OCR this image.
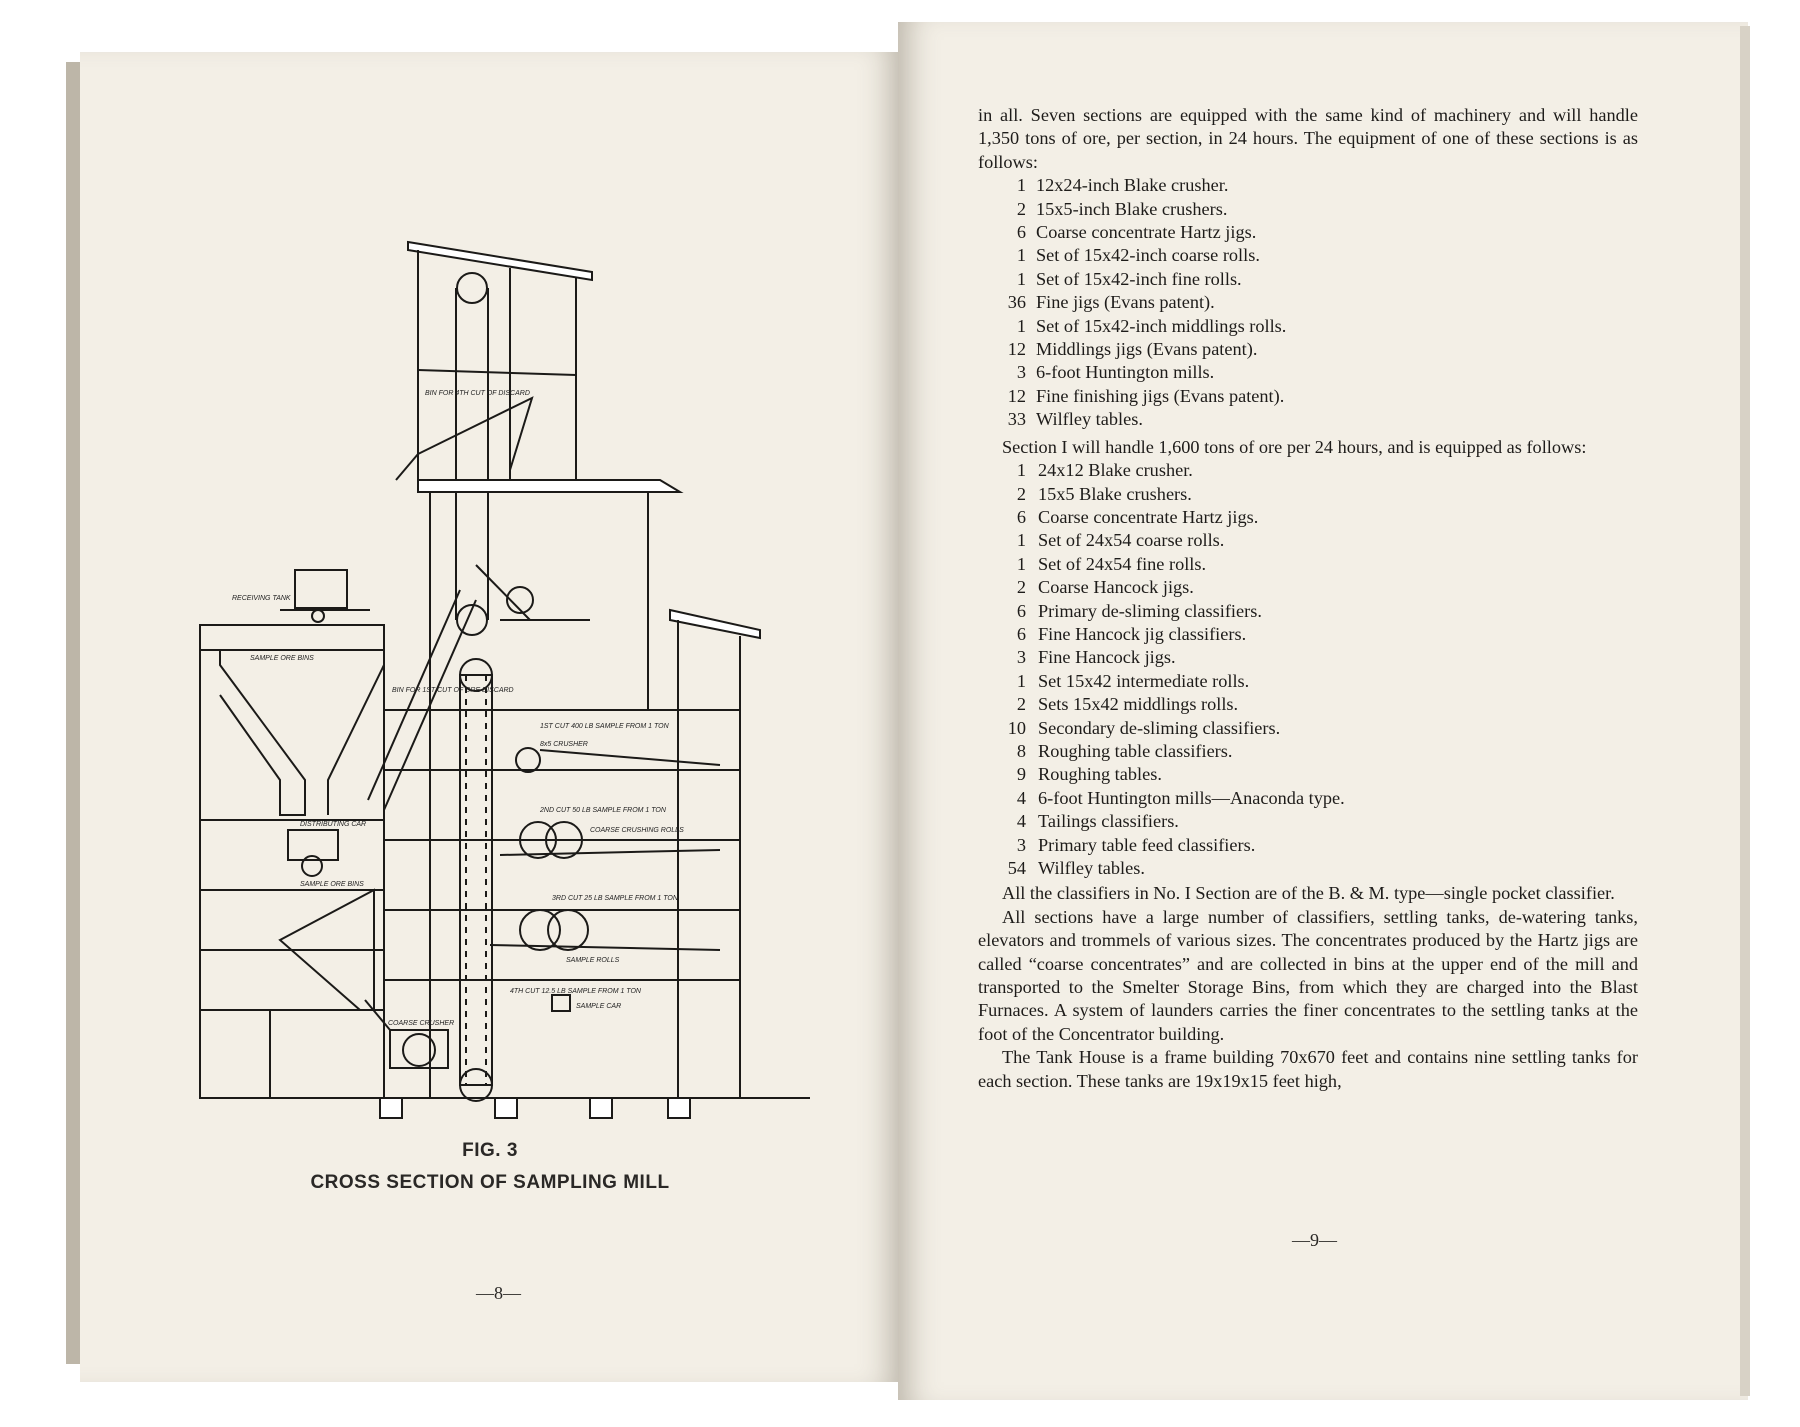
RECEIVING TANK
SAMPLE ORE BINS
BIN FOR 4TH CUT OF DISCARD
BIN FOR 1ST CUT OF ORE DISCARD
DISTRIBUTING CAR
SAMPLE ORE BINS
1ST CUT 400 LB SAMPLE FROM 1 TON
8x5 CRUSHER
2ND CUT 50 LB SAMPLE FROM 1 TON
COARSE CRUSHING ROLLS
3RD CUT 25 LB SAMPLE FROM 1 TON
SAMPLE ROLLS
4TH CUT 12.5 LB SAMPLE FROM 1 TON
COARSE CRUSHER
SAMPLE CAR
FIG. 3
CROSS SECTION OF SAMPLING MILL
—8—

in all. Seven sections are equipped with the same kind of machinery and will handle 1,350 tons of ore, per section, in 24 hours. The equipment of one of these sections is as follows:

1 12x24-inch Blake crusher.
2 15x5-inch Blake crushers.
6 Coarse concentrate Hartz jigs.
1 Set of 15x42-inch coarse rolls.
1 Set of 15x42-inch fine rolls.
36 Fine jigs (Evans patent).
1 Set of 15x42-inch middlings rolls.
12 Middlings jigs (Evans patent).
3 6-foot Huntington mills.
12 Fine finishing jigs (Evans patent).
33 Wilfley tables.

Section I will handle 1,600 tons of ore per 24 hours, and is equipped as follows:

1 24x12 Blake crusher.
2 15x5 Blake crushers.
6 Coarse concentrate Hartz jigs.
1 Set of 24x54 coarse rolls.
1 Set of 24x54 fine rolls.
2 Coarse Hancock jigs.
6 Primary de-sliming classifiers.
6 Fine Hancock jig classifiers.
3 Fine Hancock jigs.
1 Set 15x42 intermediate rolls.
2 Sets 15x42 middlings rolls.
10 Secondary de-sliming classifiers.
8 Roughing table classifiers.
9 Roughing tables.
4 6-foot Huntington mills—Anaconda type.
4 Tailings classifiers.
3 Primary table feed classifiers.
54 Wilfley tables.

All the classifiers in No. I Section are of the B. & M. type—single pocket classifier.

All sections have a large number of classifiers, settling tanks, de-watering tanks, elevators and trommels of various sizes. The concentrates produced by the Hartz jigs are called “coarse concentrates” and are collected in bins at the upper end of the mill and transported to the Smelter Storage Bins, from which they are charged into the Blast Furnaces. A system of launders carries the finer concentrates to the settling tanks at the foot of the Concentrator building.

The Tank House is a frame building 70x670 feet and contains nine settling tanks for each section. These tanks are 19x19x15 feet high,

—9—
